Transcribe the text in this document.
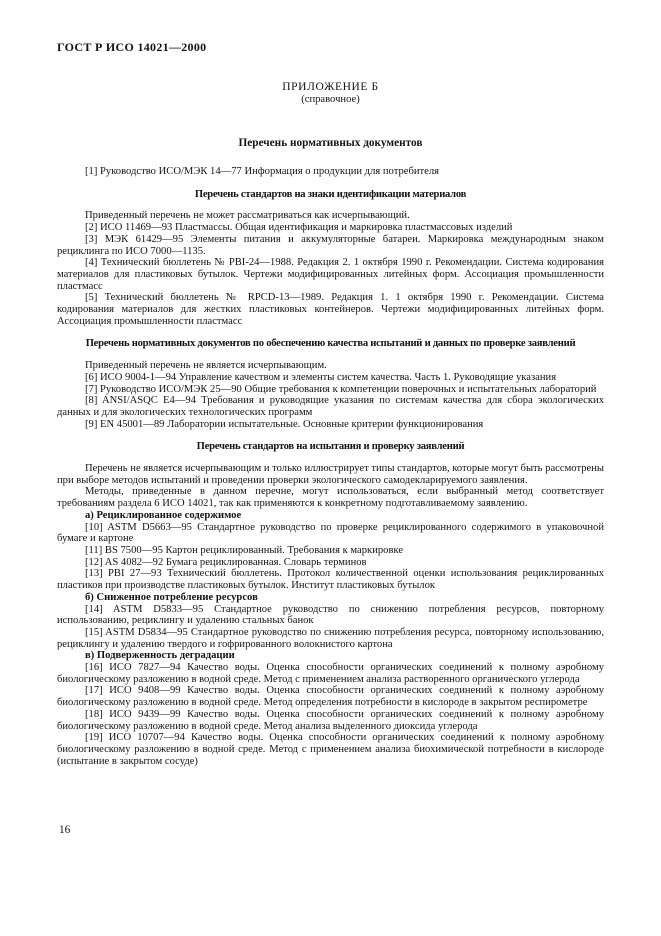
ГОСТ Р ИСО 14021—2000
ПРИЛОЖЕНИЕ Б
(справочное)
Перечень нормативных документов
[1] Руководство ИСО/МЭК 14—77 Информация о продукции для потребителя
Перечень стандартов на знаки идентификации материалов
Приведенный перечень не может рассматриваться как исчерпывающий.
[2] ИСО 11469—93 Пластмассы. Общая идентификация и маркировка пластмассовых изделий
[3] МЭК 61429—95 Элементы питания и аккумуляторные батареи. Маркировка международным знаком рециклинга по ИСО 7000—1135.
[4] Технический бюллетень № PBI-24—1988. Редакция 2. 1 октября 1990 г. Рекомендации. Система кодирования материалов для пластиковых бутылок. Чертежи модифицированных литейных форм. Ассоциация промышленности пластмасс
[5] Технический бюллетень № RPCD-13—1989. Редакция 1. 1 октября 1990 г. Рекомендации. Система кодирования материалов для жестких пластиковых контейнеров. Чертежи модифицированных литейных форм. Ассоциация промышленности пластмасс
Перечень нормативных документов по обеспечению качества испытаний и данных по проверке заявлений
Приведенный перечень не является исчерпывающим.
[6] ИСО 9004-1—94 Управление качеством и элементы систем качества. Часть 1. Руководящие указания
[7] Руководство ИСО/МЭК 25—90 Общие требования к компетенции поверочных и испытательных лабораторий
[8] ANSI/ASQC E4—94 Требования и руководящие указания по системам качества для сбора экологических данных и для экологических технологических программ
[9] EN 45001—89 Лаборатории испытательные. Основные критерии функционирования
Перечень стандартов на испытания и проверку заявлений
Перечень не является исчерпывающим и только иллюстрирует типы стандартов, которые могут быть рассмотрены при выборе методов испытаний и проведении проверки экологического самодекларируемого заявления.
Методы, приведенные в данном перечне, могут использоваться, если выбранный метод соответствует требованиям раздела 6 ИСО 14021, так как применяются к конкретному подготавливаемому заявлению.
а) Рециклированное содержимое
[10] ASTM D5663—95 Стандартное руководство по проверке рециклированного содержимого в упаковочной бумаге и картоне
[11] BS 7500—95 Картон рециклированный. Требования к маркировке
[12] AS 4082—92 Бумага рециклированная. Словарь терминов
[13] PBI 27—93 Технический бюллетень. Протокол количественной оценки использования рециклированных пластиков при производстве пластиковых бутылок. Институт пластиковых бутылок
б) Сниженное потребление ресурсов
[14] ASTM D5833—95 Стандартное руководство по снижению потребления ресурсов, повторному использованию, рециклингу и удалению стальных банок
[15] ASTM D5834—95 Стандартное руководство по снижению потребления ресурса, повторному использованию, рециклингу и удалению твердого и гофрированного волокнистого картона
в) Подверженность деградации
[16] ИСО 7827—94 Качество воды. Оценка способности органических соединений к полному аэробному биологическому разложению в водной среде. Метод с применением анализа растворенного органического углерода
[17] ИСО 9408—99 Качество воды. Оценка способности органических соединений к полному аэробному биологическому разложению в водной среде. Метод определения потребности в кислороде в закрытом респирометре
[18] ИСО 9439—99 Качество воды. Оценка способности органических соединений к полному аэробному биологическому разложению в водной среде. Метод анализа выделенного диоксида углерода
[19] ИСО 10707—94 Качество воды. Оценка способности органических соединений к полному аэробному биологическому разложению в водной среде. Метод с применением анализа биохимической потребности в кислороде (испытание в закрытом сосуде)
16
